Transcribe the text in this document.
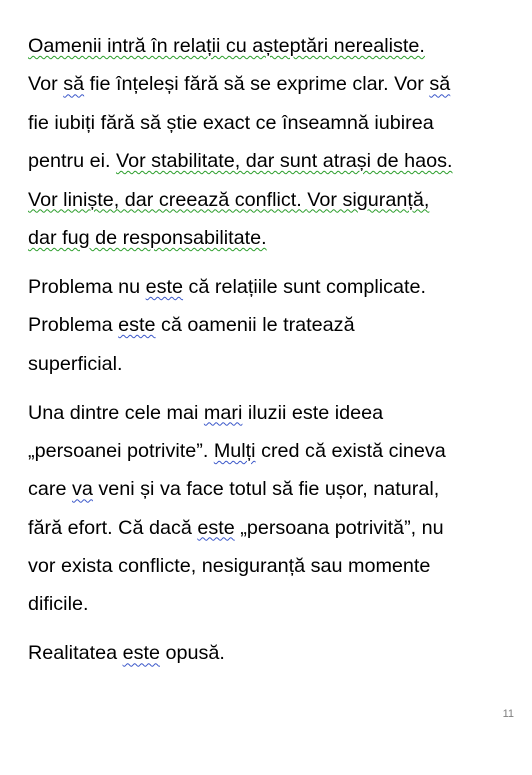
Oamenii intră în relații cu așteptări nerealiste.
Vor să fie înțeleși fără să se exprime clar. Vor să
fie iubiți fără să știe exact ce înseamnă iubirea
pentru ei. Vor stabilitate, dar sunt atrași de haos.
Vor liniște, dar creează conflict. Vor siguranță,
dar fug de responsabilitate.
Problema nu este că relațiile sunt complicate.
Problema este că oamenii le tratează
superficial.
Una dintre cele mai mari iluzii este ideea
„persoanei potrivite”. Mulți cred că există cineva
care va veni și va face totul să fie ușor, natural,
fără efort. Că dacă este „persoana potrivită”, nu
vor exista conflicte, nesiguranță sau momente
dificile.
Realitatea este opusă.
11
